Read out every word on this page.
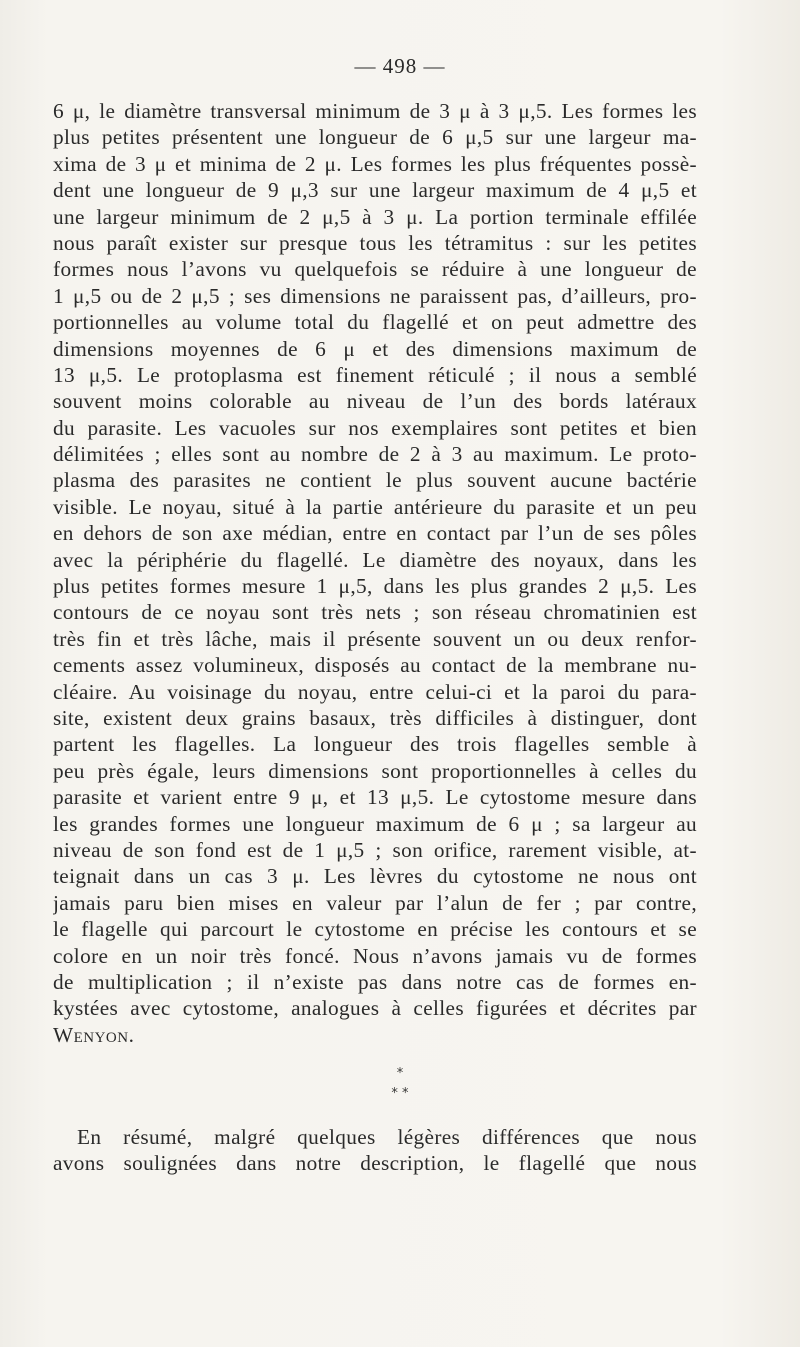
— 498 —
6 μ, le diamètre transversal minimum de 3 μ à 3 μ,5. Les formes les
plus petites présentent une longueur de 6 μ,5 sur une largeur ma-
xima de 3 μ et minima de 2 μ. Les formes les plus fréquentes possè-
dent une longueur de 9 μ,3 sur une largeur maximum de 4 μ,5 et
une largeur minimum de 2 μ,5 à 3 μ. La portion terminale effilée
nous paraît exister sur presque tous les tétramitus : sur les petites
formes nous l’avons vu quelquefois se réduire à une longueur de
1 μ,5 ou de 2 μ,5 ; ses dimensions ne paraissent pas, d’ailleurs, pro-
portionnelles au volume total du flagellé et on peut admettre des
dimensions moyennes de 6 μ et des dimensions maximum de
13 μ,5. Le protoplasma est finement réticulé ; il nous a semblé
souvent moins colorable au niveau de l’un des bords latéraux
du parasite. Les vacuoles sur nos exemplaires sont petites et bien
délimitées ; elles sont au nombre de 2 à 3 au maximum. Le proto-
plasma des parasites ne contient le plus souvent aucune bactérie
visible. Le noyau, situé à la partie antérieure du parasite et un peu
en dehors de son axe médian, entre en contact par l’un de ses pôles
avec la périphérie du flagellé. Le diamètre des noyaux, dans les
plus petites formes mesure 1 μ,5, dans les plus grandes 2 μ,5. Les
contours de ce noyau sont très nets ; son réseau chromatinien est
très fin et très lâche, mais il présente souvent un ou deux renfor-
cements assez volumineux, disposés au contact de la membrane nu-
cléaire. Au voisinage du noyau, entre celui-ci et la paroi du para-
site, existent deux grains basaux, très difficiles à distinguer, dont
partent les flagelles. La longueur des trois flagelles semble à
peu près égale, leurs dimensions sont proportionnelles à celles du
parasite et varient entre 9 μ, et 13 μ,5. Le cytostome mesure dans
les grandes formes une longueur maximum de 6 μ ; sa largeur au
niveau de son fond est de 1 μ,5 ; son orifice, rarement visible, at-
teignait dans un cas 3 μ. Les lèvres du cytostome ne nous ont
jamais paru bien mises en valeur par l’alun de fer ; par contre,
le flagelle qui parcourt le cytostome en précise les contours et se
colore en un noir très foncé. Nous n’avons jamais vu de formes
de multiplication ; il n’existe pas dans notre cas de formes en-
kystées avec cytostome, analogues à celles figurées et décrites par
Wenyon.
*
* *
En résumé, malgré quelques légères différences que nous
avons soulignées dans notre description, le flagellé que nous
